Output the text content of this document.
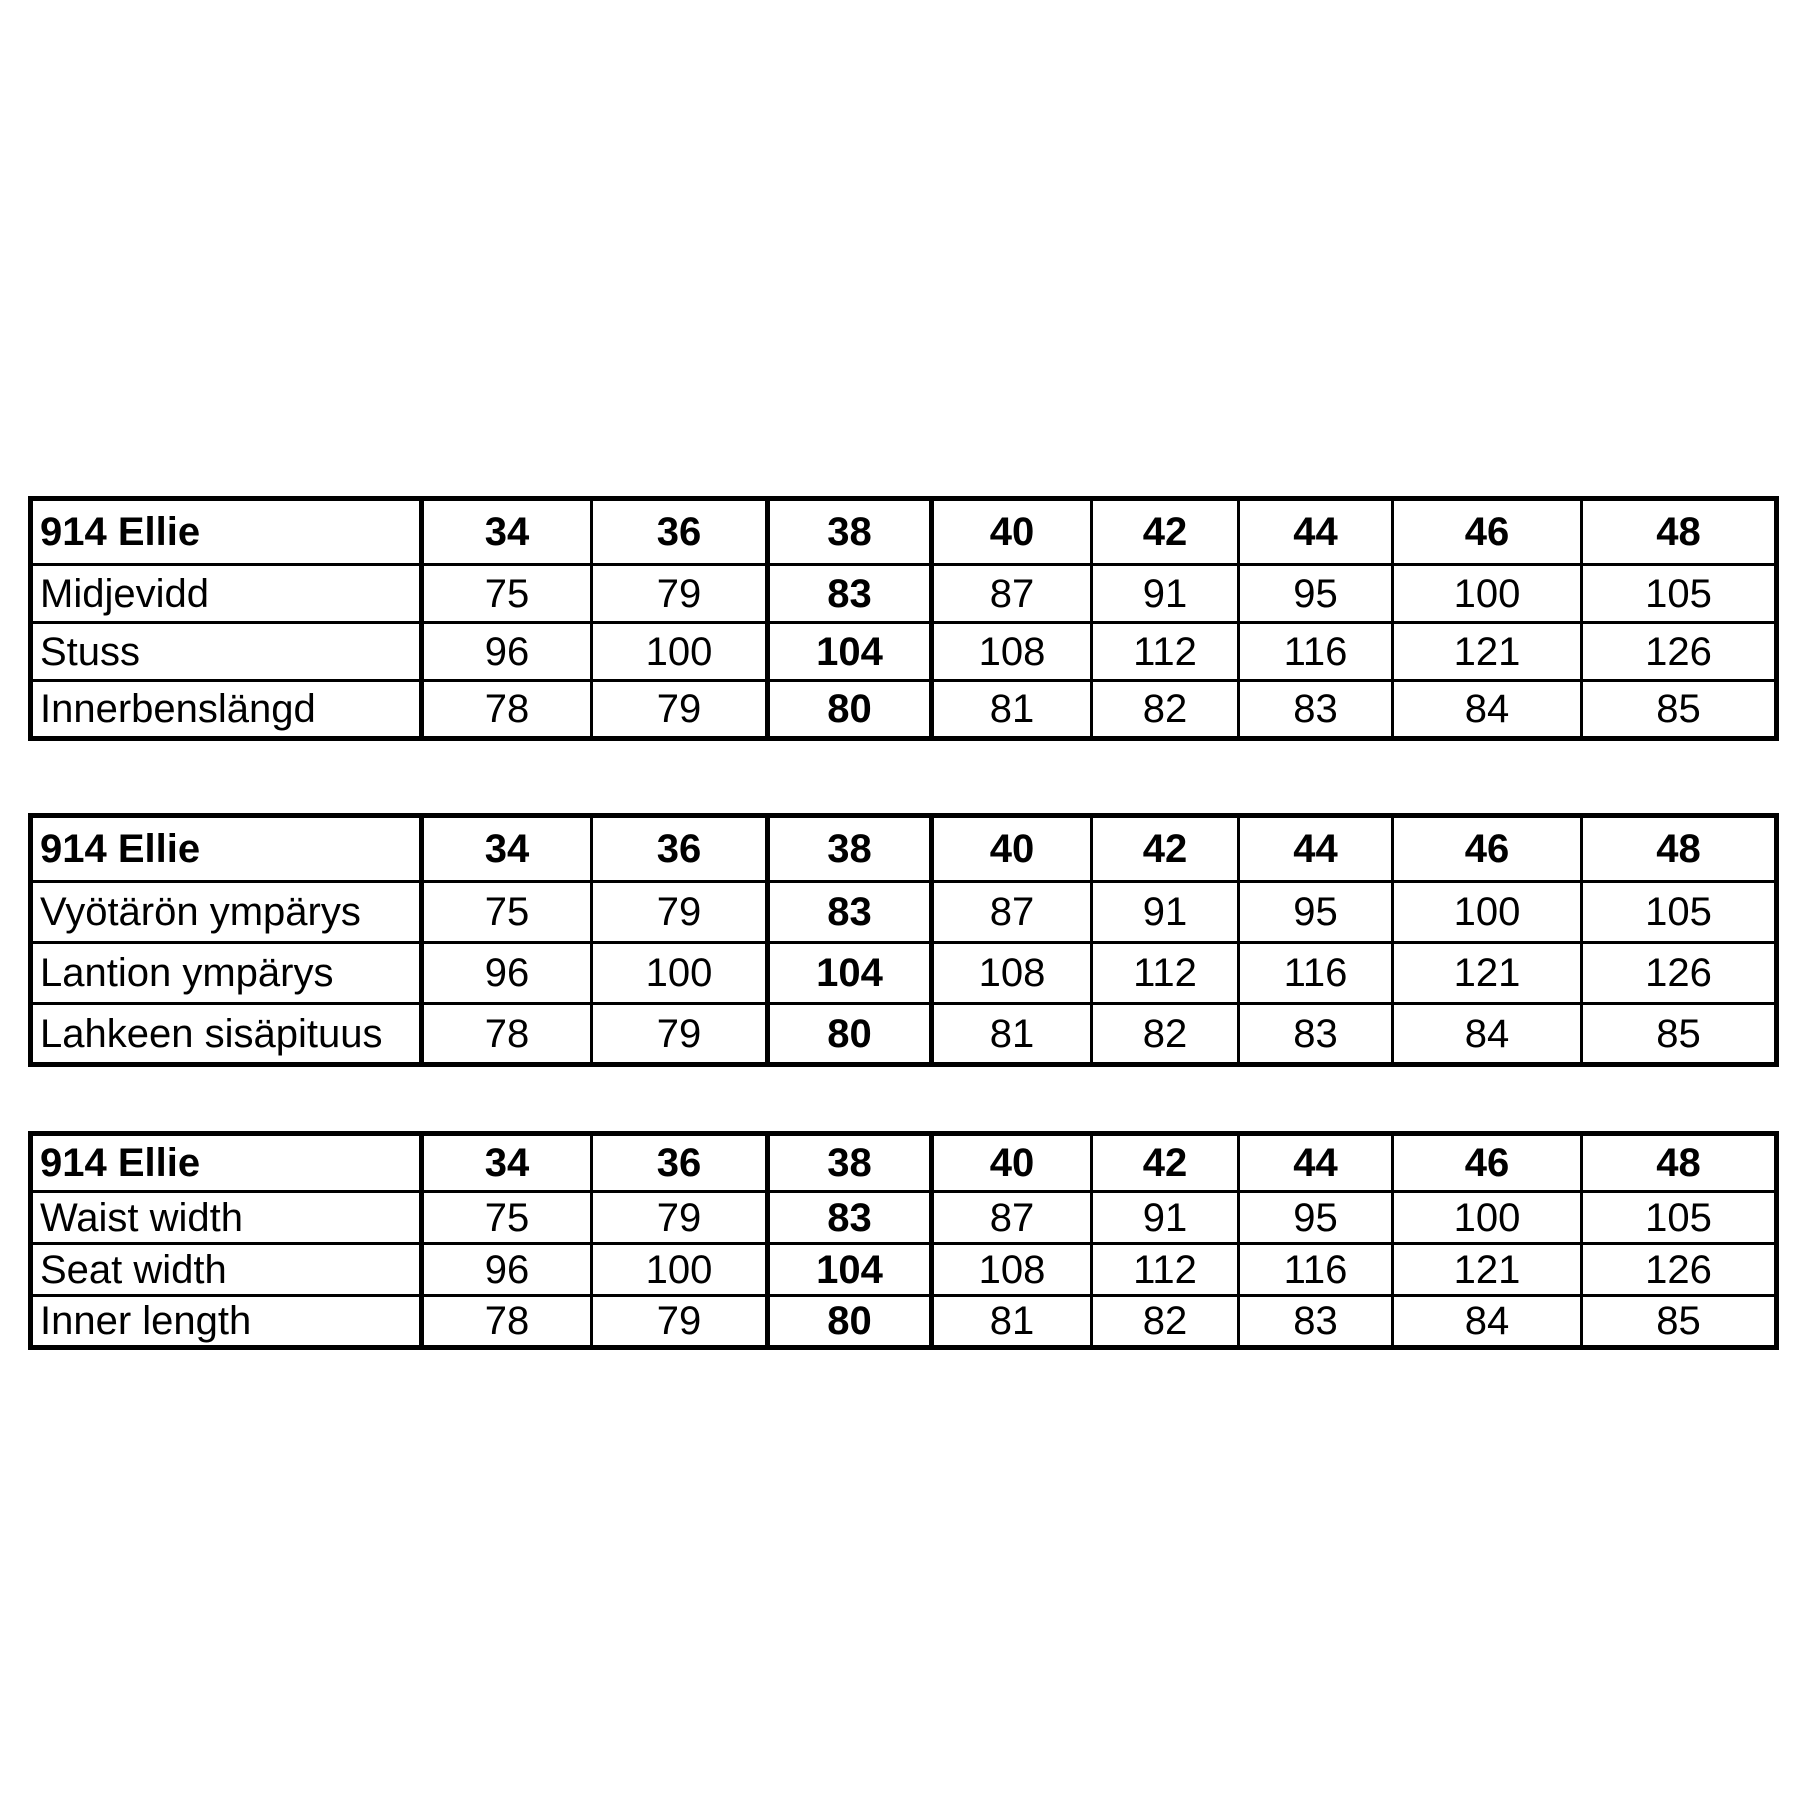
914 Ellie	34	36	38	40	42	44	46	48
Midjevidd	75	79	83	87	91	95	100	105
Stuss	96	100	104	108	112	116	121	126
Innerbenslängd	78	79	80	81	82	83	84	85
914 Ellie	34	36	38	40	42	44	46	48
Vyötärön ympärys	75	79	83	87	91	95	100	105
Lantion ympärys	96	100	104	108	112	116	121	126
Lahkeen sisäpituus	78	79	80	81	82	83	84	85
914 Ellie	34	36	38	40	42	44	46	48
Waist width	75	79	83	87	91	95	100	105
Seat width	96	100	104	108	112	116	121	126
Inner length	78	79	80	81	82	83	84	85
